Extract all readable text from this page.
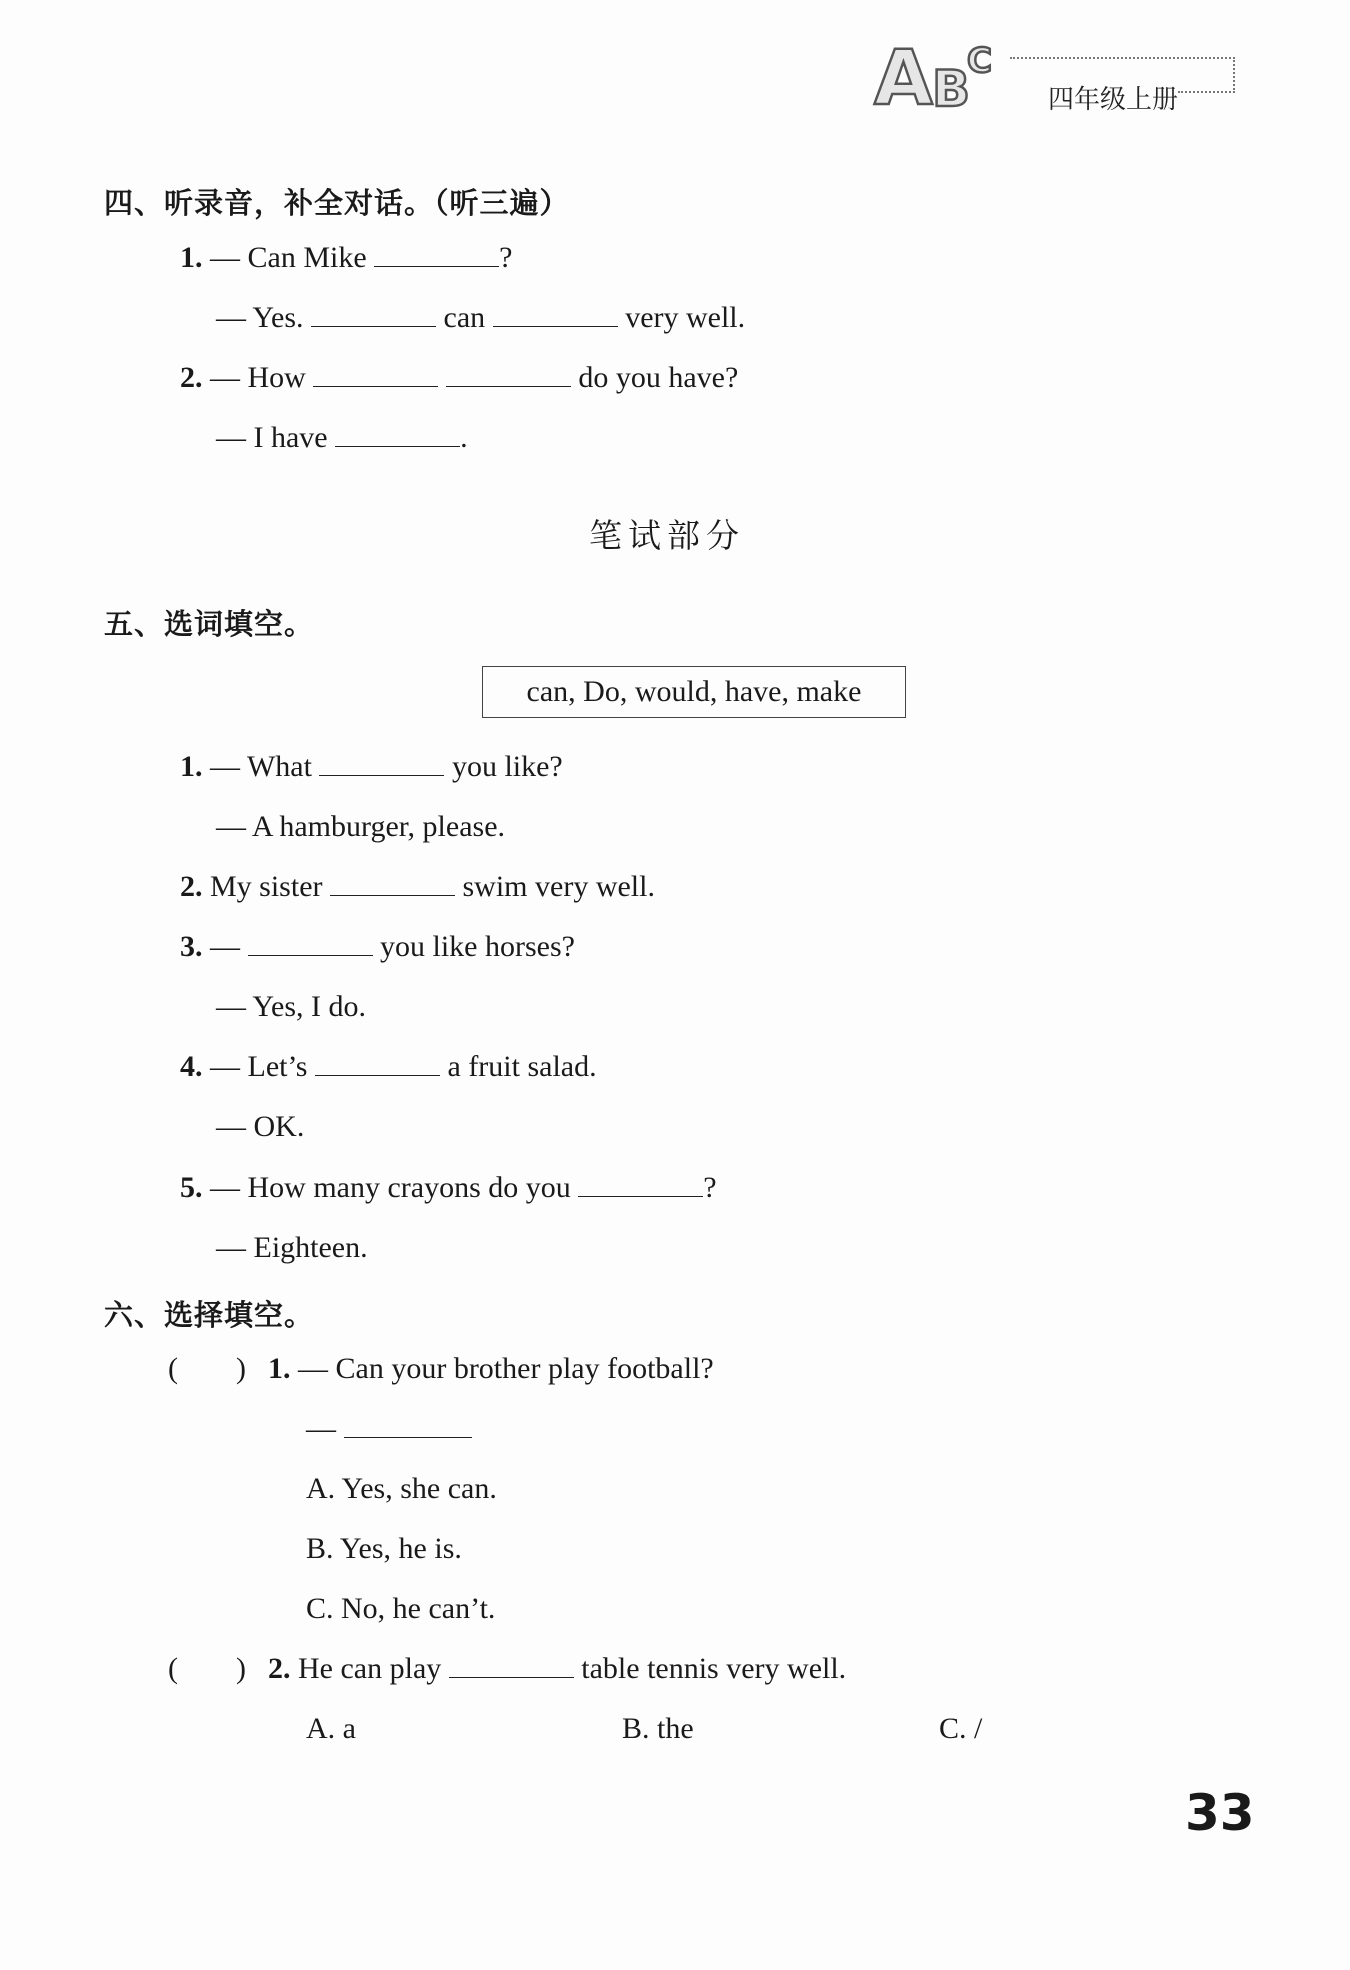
A B
C
四年级上册
四、听录音，补全对话。（听三遍）
1. — Can Mike	?
— Yes.	can	very well.
2. — How	do you have?
— I have	.
笔试部分
五、选词填空。
can, Do, would, have, make
1. — What	you like?
— A hamburger, please.
2. My sister	swim very well.
3. —	you like horses?
— Yes, I do.
4. — Let’s	a fruit salad.
— OK.
5. — How many crayons do you	?
— Eighteen.
六、选择填空。
( ) 1. — Can your brother play football?
—
A. Yes, she can.
B. Yes, he is.
C. No, he can’t.
( ) 2. He can play	table tennis very well.
A. a	B. the	C. /
33
